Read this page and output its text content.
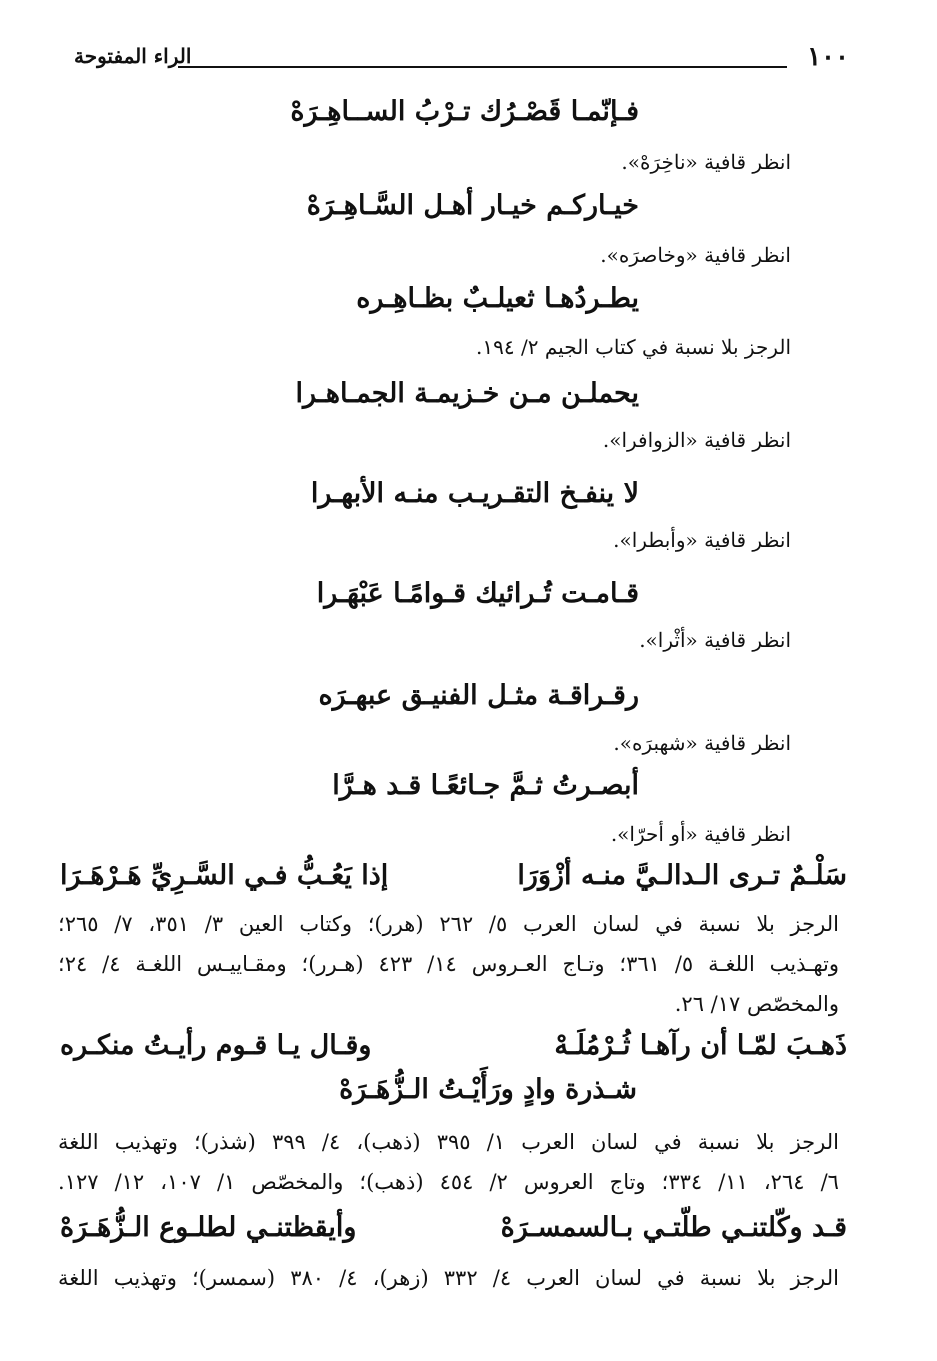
١٠٠
الراء المفتوحة
فـإنّمـا قَصْـرُك تـرْبُ الســاهِـرَهْ
انظر قافية «ناخِرَهْ».
خيـاركـم خيـار أهـل السَّـاهِـرَهْ
انظر قافية «وخاصرَه».
يطـردُهـا ثعيلـبٌ بظـاهِـره
الرجز بلا نسبة في كتاب الجيم ٢/ ١٩٤.
يحملـن مـن خـزيمـة الجمـاهـرا
انظر قافية «الزوافرا».
لا ينفـخ التقـريـب منـه الأبهـرا
انظر قافية «وأبطرا».
قـامـت تُـرائيك قـوامًـا عَبْهَـرا
انظر قافية «أثْرا».
رقـراقـة مثـل الفنيـق عبهـرَه
انظر قافية «شهبرَه».
أبصـرتُ ثـمَّ جـائعًـا قـد هـرَّا
انظر قافية «أو أحرّا».
سَلْـمٌ تـرى الـدالـيَّ منـه أزْوَرَا
إذا يَعُـبُّ فـي السَّـرِيِّ هَـرْهَـرَا
الرجز بلا نسبة في لسان العرب ٥/ ٢٦٢ (هرر)؛ وكتاب العين ٣/ ٣٥١، ٧/ ٢٦٥؛
وتهـذيب اللغـة ٥/ ٣٦١؛ وتـاج العـروس ١٤/ ٤٢٣ (هـرر)؛ ومقـاييـس اللغـة ٤/ ٢٤؛
والمخصّص ١٧/ ٢٦.
ذَهـبَ لمّـا أن رآهـا ثُـرْمُلَـهْ
وقـال يـا قـوم رأيـتُ منكـره
شـذرة وادٍ ورَأَيْـتُ الـزُّهَـرَهْ
الرجز بلا نسبة في لسان العرب ١/ ٣٩٥ (ذهب)، ٤/ ٣٩٩ (شذر)؛ وتهذيب اللغة
٦/ ٢٦٤، ١١/ ٣٣٤؛ وتاج العروس ٢/ ٤٥٤ (ذهب)؛ والمخصّص ١/ ١٠٧، ١٢/ ١٢٧.
قـد وكّلتنـي طلّتـي بـالسمسـرَهْ
وأيقظتنـي لطلـوع الـزُّهَـرَهْ
الرجز بلا نسبة في لسان العرب ٤/ ٣٣٢ (زهر)، ٤/ ٣٨٠ (سمسر)؛ وتهذيب اللغة
